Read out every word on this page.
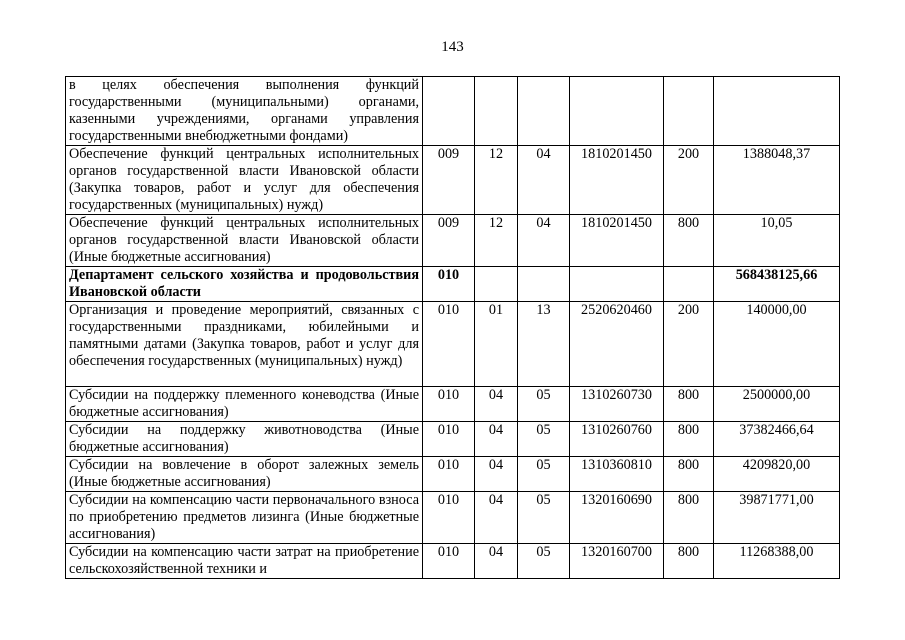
143
в целях обеспечения выполнения функций государственными (муниципальными) органами, казенными учреждениями, органами управления государственными внебюджетными фондами)						
Обеспечение функций центральных исполнительных органов государственной власти Ивановской области (Закупка товаров, работ и услуг для обеспечения государственных (муниципальных) нужд)	009	12	04	1810201450	200	1388048,37
Обеспечение функций центральных исполнительных органов государственной власти Ивановской области (Иные бюджетные ассигнования)	009	12	04	1810201450	800	10,05
Департамент сельского хозяйства и продовольствия Ивановской области	010					568438125,66
Организация и проведение мероприятий, связанных с государственными праздниками, юбилейными и памятными датами (Закупка товаров, работ и услуг для обеспечения государственных (муниципальных) нужд)	010	01	13	2520620460	200	140000,00
Субсидии на поддержку племенного коневодства (Иные бюджетные ассигнования)	010	04	05	1310260730	800	2500000,00
Субсидии на поддержку животноводства (Иные бюджетные ассигнования)	010	04	05	1310260760	800	37382466,64
Субсидии на вовлечение в оборот залежных земель (Иные бюджетные ассигнования)	010	04	05	1310360810	800	4209820,00
Субсидии на компенсацию части первоначального взноса по приобретению предметов лизинга (Иные бюджетные ассигнования)	010	04	05	1320160690	800	39871771,00
Субсидии на компенсацию части затрат на приобретение сельскохозяйственной техники и	010	04	05	1320160700	800	11268388,00
